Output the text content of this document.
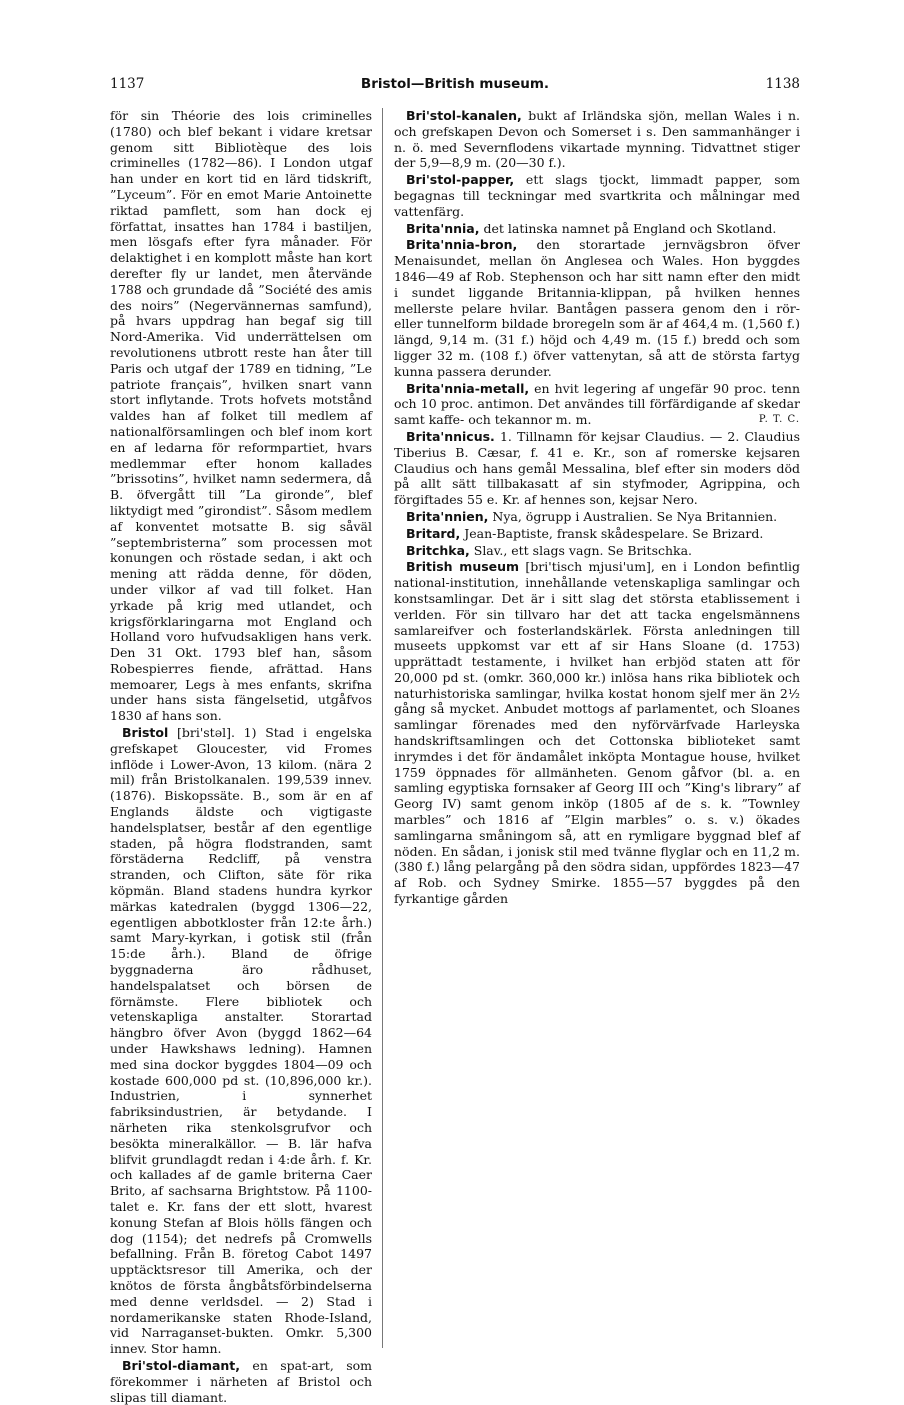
1137	Bristol—British museum.	1138

för sin Théorie des lois criminelles (1780) och blef bekant i vidare kretsar genom sitt Bibliotèque des lois criminelles (1782—86). I London utgaf han under en kort tid en lärd tidskrift, ”Lyceum”. För en emot Marie Antoinette riktad pamflett, som han dock ej författat, insattes han 1784 i bastiljen, men lösgafs efter fyra månader. För delaktighet i en komplott måste han kort derefter fly ur landet, men återvände 1788 och grundade då ”Société des amis des noirs” (Negervännernas samfund), på hvars uppdrag han begaf sig till Nord-Amerika. Vid underrättelsen om revolutionens utbrott reste han åter till Paris och utgaf der 1789 en tidning, ”Le patriote français”, hvilken snart vann stort inflytande. Trots hofvets motstånd valdes han af folket till medlem af nationalförsamlingen och blef inom kort en af ledarna för reformpartiet, hvars medlemmar efter honom kallades ”brissotins”, hvilket namn sedermera, då B. öfvergått till ”La gironde”, blef liktydigt med ”girondist”. Såsom medlem af konventet motsatte B. sig såväl ”septembristerna” som processen mot konungen och röstade sedan, i akt och mening att rädda denne, för döden, under vilkor af vad till folket. Han yrkade på krig med utlandet, och krigsförklaringarna mot England och Holland voro hufvudsakligen hans verk. Den 31 Okt. 1793 blef han, såsom Robespierres fiende, afrättad. Hans memoarer, Legs à mes enfants, skrifna under hans sista fängelsetid, utgåfvos 1830 af hans son.

Bristol [bri'stəl]. 1) Stad i engelska grefskapet Gloucester, vid Fromes inflöde i Lower-Avon, 13 kilom. (nära 2 mil) från Bristolkanalen. 199,539 innev. (1876). Biskopssäte. B., som är en af Englands äldste och vigtigaste handelsplatser, består af den egentlige staden, på högra flodstranden, samt förstäderna Redcliff, på venstra stranden, och Clifton, säte för rika köpmän. Bland stadens hundra kyrkor märkas katedralen (byggd 1306—22, egentligen abbotkloster från 12:te årh.) samt Mary-kyrkan, i gotisk stil (från 15:de årh.). Bland de öfrige byggnaderna äro rådhuset, handelspalatset och börsen de förnämste. Flere bibliotek och vetenskapliga anstalter. Storartad hängbro öfver Avon (byggd 1862—64 under Hawkshaws ledning). Hamnen med sina dockor byggdes 1804—09 och kostade 600,000 pd st. (10,896,000 kr.). Industrien, i synnerhet fabriksindustrien, är betydande. I närheten rika stenkolsgrufvor och besökta mineralkällor. — B. lär hafva blifvit grundlagdt redan i 4:de årh. f. Kr. och kallades af de gamle briterna Caer Brito, af sachsarna Brightstow. På 1100-talet e. Kr. fans der ett slott, hvarest konung Stefan af Blois hölls fängen och dog (1154); det nedrefs på Cromwells befallning. Från B. företog Cabot 1497 upptäcktsresor till Amerika, och der knötos de första ångbåtsförbindelserna med denne verldsdel. — 2) Stad i nordamerikanske staten Rhode-Island, vid Narraganset-bukten. Omkr. 5,300 innev. Stor hamn.

Bri'stol-diamant, en spat-art, som förekommer i närheten af Bristol och slipas till diamant.

Bri'stol-kanalen, bukt af Irländska sjön, mellan Wales i n. och grefskapen Devon och Somerset i s. Den sammanhänger i n. ö. med Severnflodens vikartade mynning. Tidvattnet stiger der 5,9—8,9 m. (20—30 f.).

Bri'stol-papper, ett slags tjockt, limmadt papper, som begagnas till teckningar med svartkrita och målningar med vattenfärg.

Brita'nnia, det latinska namnet på England och Skotland.

Brita'nnia-bron, den storartade jernvägsbron öfver Menaisundet, mellan ön Anglesea och Wales. Hon byggdes 1846—49 af Rob. Stephenson och har sitt namn efter den midt i sundet liggande Britannia-klippan, på hvilken hennes mellerste pelare hvilar. Bantågen passera genom den i rör- eller tunnelform bildade broregeln som är af 464,4 m. (1,560 f.) längd, 9,14 m. (31 f.) höjd och 4,49 m. (15 f.) bredd och som ligger 32 m. (108 f.) öfver vattenytan, så att de största fartyg kunna passera derunder.

Brita'nnia-metall, en hvit legering af ungefär 90 proc. tenn och 10 proc. antimon. Det användes till förfärdigande af skedar samt kaffe- och tekannor m. m.	P. T. C.

Brita'nnicus. 1. Tillnamn för kejsar Claudius. — 2. Claudius Tiberius B. Cæsar, f. 41 e. Kr., son af romerske kejsaren Claudius och hans gemål Messalina, blef efter sin moders död på allt sätt tillbakasatt af sin styfmoder, Agrippina, och förgiftades 55 e. Kr. af hennes son, kejsar Nero.

Brita'nnien, Nya, ögrupp i Australien. Se Nya Britannien.

Britard, Jean-Baptiste, fransk skådespelare. Se Brizard.

Britchka, Slav., ett slags vagn. Se Britschka.

British museum [bri'tisch mjusi'um], en i London befintlig national-institution, innehållande vetenskapliga samlingar och konstsamlingar. Det är i sitt slag det största etablissement i verlden. För sin tillvaro har det att tacka engelsmännens samlareifver och fosterlandskärlek. Första anledningen till museets uppkomst var ett af sir Hans Sloane (d. 1753) upprättadt testamente, i hvilket han erbjöd staten att för 20,000 pd st. (omkr. 360,000 kr.) inlösa hans rika bibliotek och naturhistoriska samlingar, hvilka kostat honom sjelf mer än 2½ gång så mycket. Anbudet mottogs af parlamentet, och Sloanes samlingar förenades med den nyförvärfvade Harleyska handskriftsamlingen och det Cottonska biblioteket samt inrymdes i det för ändamålet inköpta Montague house, hvilket 1759 öppnades för allmänheten. Genom gåfvor (bl. a. en samling egyptiska fornsaker af Georg III och ”King's library” af Georg IV) samt genom inköp (1805 af de s. k. ”Townley marbles” och 1816 af ”Elgin marbles” o. s. v.) ökades samlingarna småningom så, att en rymligare byggnad blef af nöden. En sådan, i jonisk stil med tvänne flyglar och en 11,2 m. (380 f.) lång pelargång på den södra sidan, uppfördes 1823—47 af Rob. och Sydney Smirke. 1855—57 byggdes på den fyrkantige gården
